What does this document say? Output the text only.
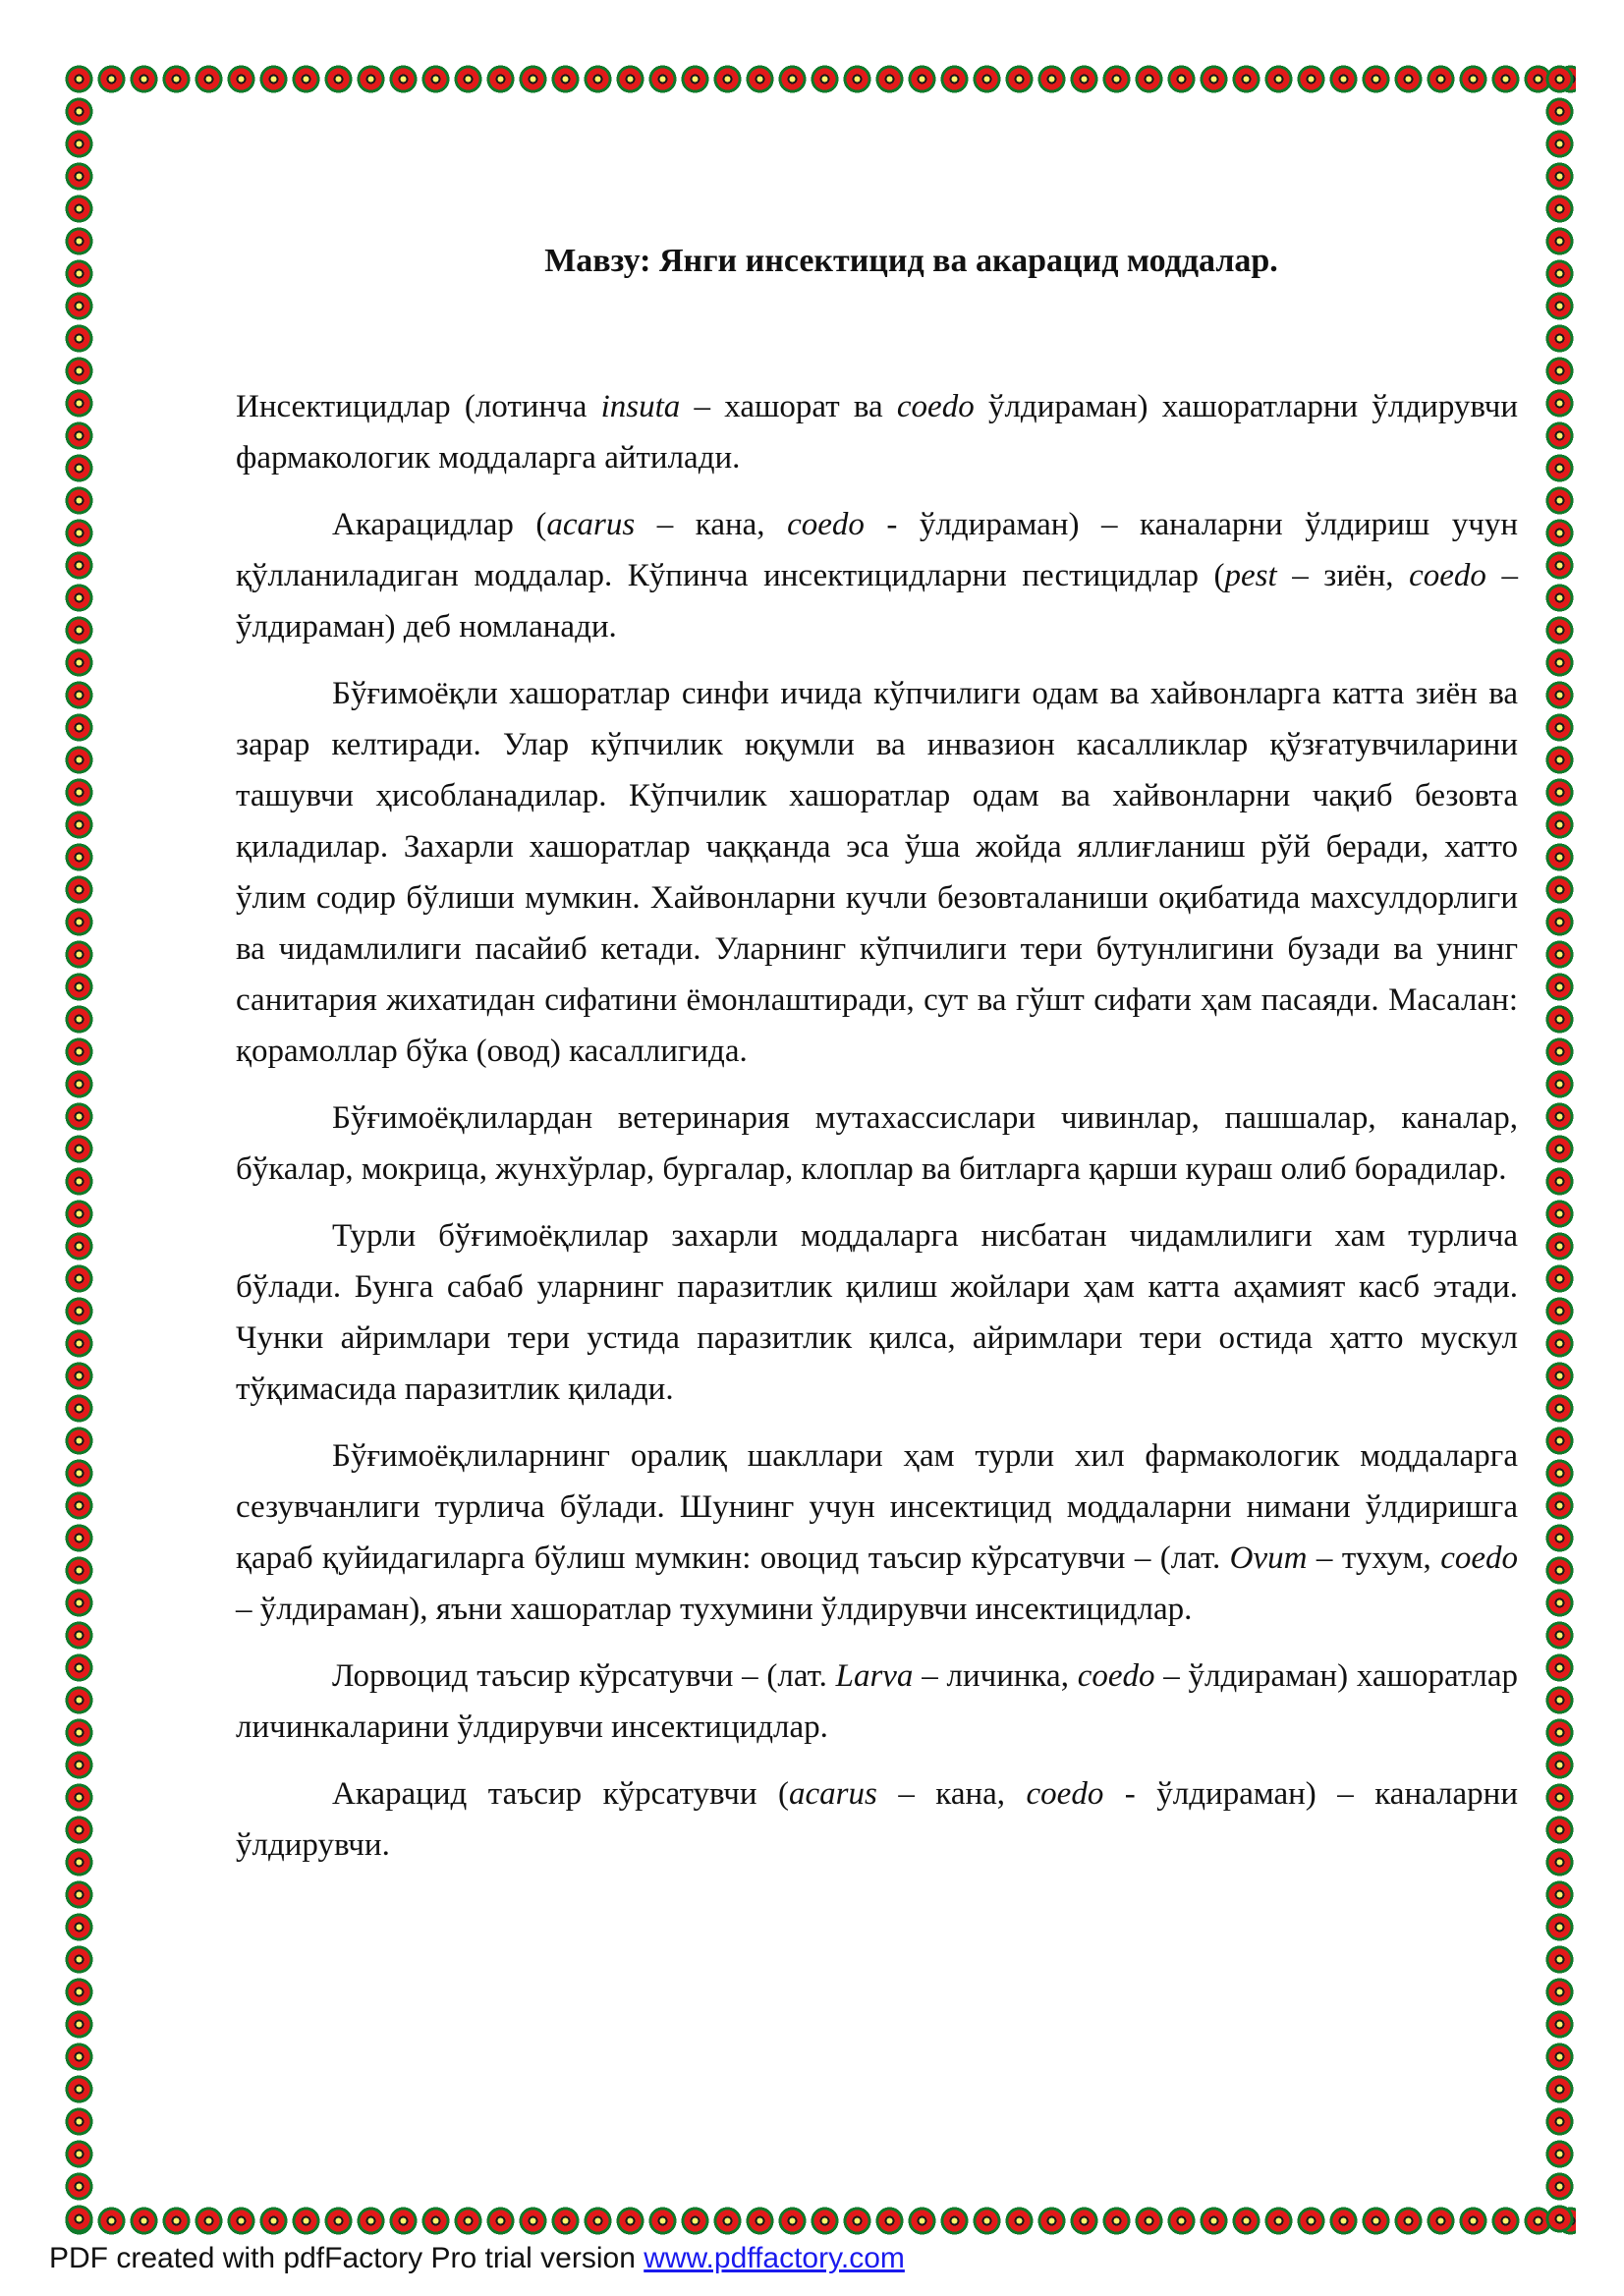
Мавзу: Янги инсектицид ва акарацид моддалар.

Инсектицидлар (лотинча insuta – хашорат ва coedo ўлдираман) хашоратларни ўлдирувчи фармакологик моддаларга айтилади.

Акарацидлар (acarus – кана, coedo - ўлдираман) – каналарни ўлдириш учун қўлланиладиган моддалар. Кўпинча инсектицидларни пестицидлар (pest – зиён, coedo – ўлдираман) деб номланади.

Бўғимоёқли хашоратлар синфи ичида кўпчилиги одам ва хайвонларга катта зиён ва зарар келтиради. Улар кўпчилик юқумли ва инвазион касалликлар қўзғатувчиларини ташувчи ҳисобланадилар. Кўпчилик хашоратлар одам ва хайвонларни чақиб безовта қиладилар. Захарли хашоратлар чаққанда эса ўша жойда яллиғланиш рўй беради, хатто ўлим содир бўлиши мумкин. Хайвонларни кучли безовталаниши оқибатида махсулдорлиги ва чидамлилиги пасайиб кетади. Уларнинг кўпчилиги тери бутунлигини бузади ва унинг санитария жихатидан сифатини ёмонлаштиради, сут ва гўшт сифати ҳам пасаяди. Масалан: қорамоллар бўка (овод) касаллигида.

Бўғимоёқлилардан ветеринария мутахассислари чивинлар, пашшалар, каналар, бўкалар, мокрица, жунхўрлар, бургалар, клоплар ва битларга қарши кураш олиб борадилар.

Турли бўғимоёқлилар захарли моддаларга нисбатан чидамлилиги хам турлича бўлади. Бунга сабаб уларнинг паразитлик қилиш жойлари ҳам катта аҳамият касб этади. Чунки айримлари тери устида паразитлик қилса, айримлари тери остида ҳатто мускул тўқимасида паразитлик қилади.

Бўғимоёқлиларнинг оралиқ шакллари ҳам турли хил фармакологик моддаларга сезувчанлиги турлича бўлади. Шунинг учун инсектицид моддаларни нимани ўлдиришга қараб қуйидагиларга бўлиш мумкин: овоцид таъсир кўрсатувчи – (лат. Ovum – тухум, coedo – ўлдираман), яъни хашоратлар тухумини ўлдирувчи инсектицидлар.

Лорвоцид таъсир кўрсатувчи – (лат. Larva – личинка, coedo – ўлдираман) хашоратлар личинкаларини ўлдирувчи инсектицидлар.

Акарацид таъсир кўрсатувчи (acarus – кана, coedo - ўлдираман) – каналарни ўлдирувчи.

PDF created with pdfFactory Pro trial version www.pdffactory.com
